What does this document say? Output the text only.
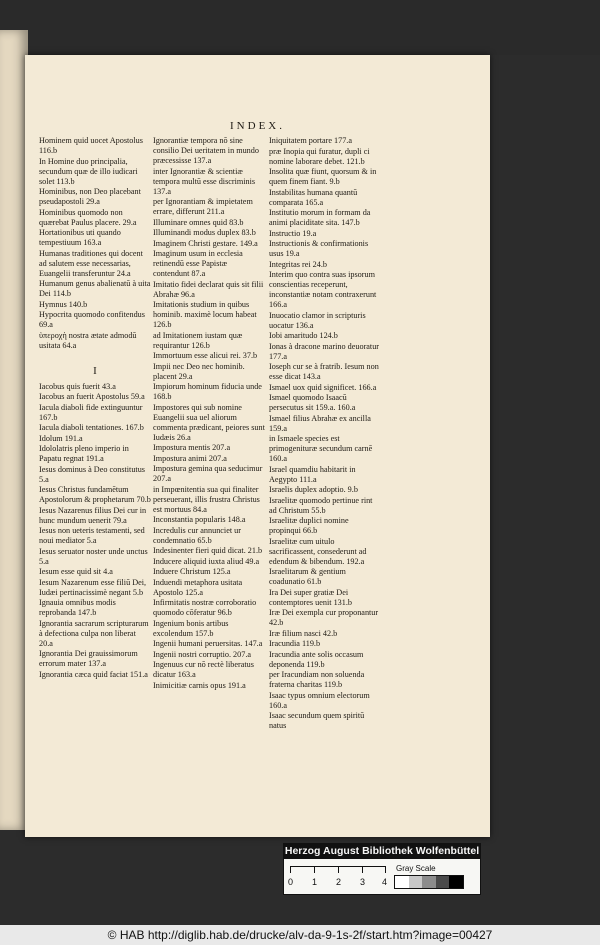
INDEX.
Hominem quid uocet Apostolus 116.b
In Homine duo principalia, secundum quæ de illo iudicari solet 113.b
Hominibus, non Deo placebant pseudapostoli 29.a
Hominibus quomodo non quærebat Paulus placere. 29.a
Hortationibus uti quando tempestiuum 163.a
Humanas traditiones qui docent ad salutem esse necessarias, Euangelii transferuntur 24.a
Humanum genus abalienatū à uita Dei 114.b
Hymnus 140.b
Hypocrita quomodo confitendus 69.a
ὑπεροχὴ nostra ætate admodū usitata 64.a
I
Iacobus quis fuerit 43.a
Iacobus an fuerit Apostolus 59.a
Iacula diaboli fide extinguuntur 167.b
Iacula diaboli tentationes. 167.b
Idolum 191.a
Idololatris pleno imperio in Papatu regnat 191.a
Iesus dominus à Deo constitutus 5.a
Iesus Christus fundamētum Apostolorum & prophetarum 70.b
Iesus Nazarenus filius Dei cur in hunc mundum uenerit 79.a
Iesus non ueteris testamenti, sed noui mediator 5.a
Iesus seruator noster unde unctus 5.a
Iesum esse quid sit 4.a
Iesum Nazarenum esse filiū Dei, Iudæi pertinacissimè negant 5.b
Ignauia omnibus modis reprobanda 147.b
Ignorantia sacrarum scripturarum à defectiona culpa non liberat 20.a
Ignorantia Dei grauissimorum errorum mater 137.a
Ignorantia cæca quid faciat 151.a
Ignorantiæ tempora nō sine consilio Dei ueritatem in mundo præcessisse 137.a
inter Ignorantiæ & scientiæ tempora multū esse discriminis 137.a
per Ignorantiam & impietatem errare, differunt 211.a
Illuminare omnes quid 83.b
Illuminandi modus duplex 83.b
Imaginem Christi gestare. 149.a
Imaginum usum in ecclesia retinendū esse Papistæ contendunt 87.a
Imitatio fidei declarat quis sit filii Abrahæ 96.a
Imitationis studium in quibus hominib. maximè locum habeat 126.b
ad Imitationem iustam quæ requirantur 126.b
Immortuum esse alicui rei. 37.b
Impii nec Deo nec hominib. placent 29.a
Impiorum hominum fiducia unde 168.b
Impostores qui sub nomine Euangelii sua uel aliorum commenta prædicant, peiores sunt Iudæis 26.a
Impostura mentis 207.a
Impostura animi 207.a
Impostura gemina qua seducimur 207.a
in Impœnitentia sua qui finaliter perseuerant, illis frustra Christus est mortuus 84.a
Inconstantia popularis 148.a
Incredulis cur annunciet ur condemnatio 65.b
Indesinenter fieri quid dicat. 21.b
Inducere aliquid iuxta aliud 49.a
Induere Christum 125.a
Induendi metaphora usitata Apostolo 125.a
Infirmitatis nostræ corroboratio quomodo cōferatur 96.b
Ingenium bonis artibus excolendum 157.b
Ingenii humani peruersitas. 147.a
Ingenii nostri corruptio. 207.a
Ingenuus cur nō rectè liberatus dicatur 163.a
Inimicitiæ carnis opus 191.a
Iniquitatem portare 177.a
præ Inopia qui furatur, dupli ci nomine laborare debet. 121.b
Insolita quæ fiunt, quorsum & in quem finem fiant. 9.b
Instabilitas humana quantū comparata 165.a
Institutio morum in formam da animi placiditate sita. 147.b
Instructio 19.a
Instructionis & confirmationis usus 19.a
Integritas rei 24.b
Interim quo contra suas ipsorum conscientias receperunt, inconstantiæ notam contraxerunt 166.a
Inuocatio clamor in scripturis uocatur 136.a
Iobi amaritudo 124.b
Ionas à dracone marino deuoratur 177.a
Ioseph cur se à fratrib. Iesum non esse dicat 143.a
Ismael uox quid significet. 166.a
Ismael quomodo Isaacū persecutus sit 159.a. 160.a
Ismael filius Abrahæ ex ancilla 159.a
in Ismaele species est primogenituræ secundum carnē 160.a
Israel quamdiu habitarit in Aegypto 111.a
Israelis duplex adoptio. 9.b
Israelitæ quomodo pertinue rint ad Christum 55.b
Israelitæ duplici nomine propinqui 66.b
Israelitæ cum uitulo sacrificassent, consederunt ad edendum & bibendum. 192.a
Israelitarum & gentium coadunatio 61.b
Ira Dei super gratiæ Dei contemptores uenit 131.b
Iræ Dei exempla cur proponantur 42.b
Iræ filium nasci 42.b
Iracundia 119.b
Iracundia ante solis occasum deponenda 119.b
per Iracundiam non soluenda fraterna charitas 119.b
Isaac typus omnium electorum 160.a
Isaac secundum quem spiritū natus
Herzog August Bibliothek Wolfenbüttel
0 1 2 3 4
Gray Scale
© HAB http://diglib.hab.de/drucke/alv-da-9-1s-2f/start.htm?image=00427
